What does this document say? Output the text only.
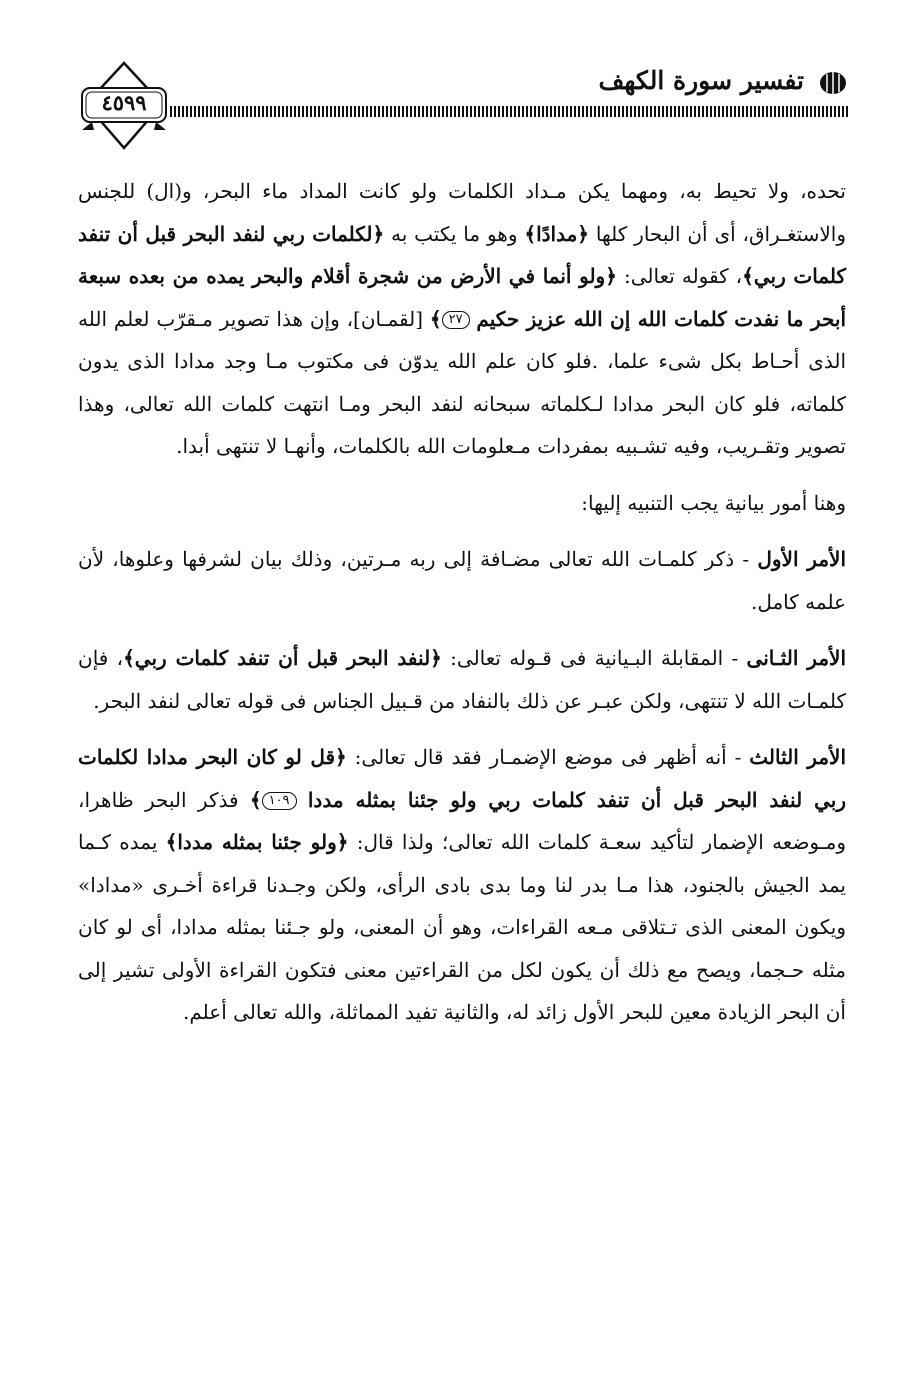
تفسير سورة الكهف
٤٥٩٩

تحده، ولا تحيط به، ومهما يكن مـداد الكلمات ولو كانت المداد ماء البحر، و(ال) للجنس والاستغـراق، أى أن البحار كلها ﴿مدادًا﴾ وهو ما يكتب به ﴿لكلمات ربي لنفد البحر قبل أن تنفد كلمات ربي﴾، كقوله تعالى: ﴿ولو أنما في الأرض من شجرة أقلام والبحر يمده من بعده سبعة أبحر ما نفدت كلمات الله إن الله عزيز حكيم ٢٧﴾ [لقمـان]، وإن هذا تصوير مـقرّب لعلم الله الذى أحـاط بكل شىء علما، .فلو كان علم الله يدوّن فى مكتوب مـا وجد مدادا الذى يدون كلماته، فلو كان البحر مدادا لـكلماته سبحانه لنفد البحر ومـا انتهت كلمات الله تعالى، وهذا تصوير وتقـريب، وفيه تشـبيه بمفردات مـعلومات الله بالكلمات، وأنهـا لا تنتهى أبدا.

وهنا أمور بيانية يجب التنبيه إليها:

الأمر الأول - ذكر كلمـات الله تعالى مضـافة إلى ربه مـرتين، وذلك بيان لشرفها وعلوها، لأن علمه كامل.

الأمر الثـانى - المقابلة البـيانية فى قـوله تعالى: ﴿لنفد البحر قبل أن تنفد كلمات ربي﴾، فإن كلمـات الله لا تنتهى، ولكن عبـر عن ذلك بالنفاد من قـبيل الجناس فى قوله تعالى لنفد البحر.

الأمر الثالث - أنه أظهر فى موضع الإضمـار فقد قال تعالى: ﴿قل لو كان البحر مدادا لكلمات ربي لنفد البحر قبل أن تنفد كلمات ربي ولو جئنا بمثله مددا ١٠٩﴾ فذكر البحر ظاهرا، ومـوضعه الإضمار لتأكيد سعـة كلمات الله تعالى؛ ولذا قال: ﴿ولو جئنا بمثله مددا﴾ يمده كـما يمد الجيش بالجنود، هذا مـا بدر لنا وما بدى بادى الرأى، ولكن وجـدنا قراءة أخـرى «مدادا» ويكون المعنى الذى تـتلاقى مـعه القراءات، وهو أن المعنى، ولو جـئنا بمثله مدادا، أى لو كان مثله حـجما، ويصح مع ذلك أن يكون لكل من القراءتين معنى فتكون القراءة الأولى تشير إلى أن البحر الزيادة معين للبحر الأول زائد له، والثانية تفيد المماثلة، والله تعالى أعلم.
